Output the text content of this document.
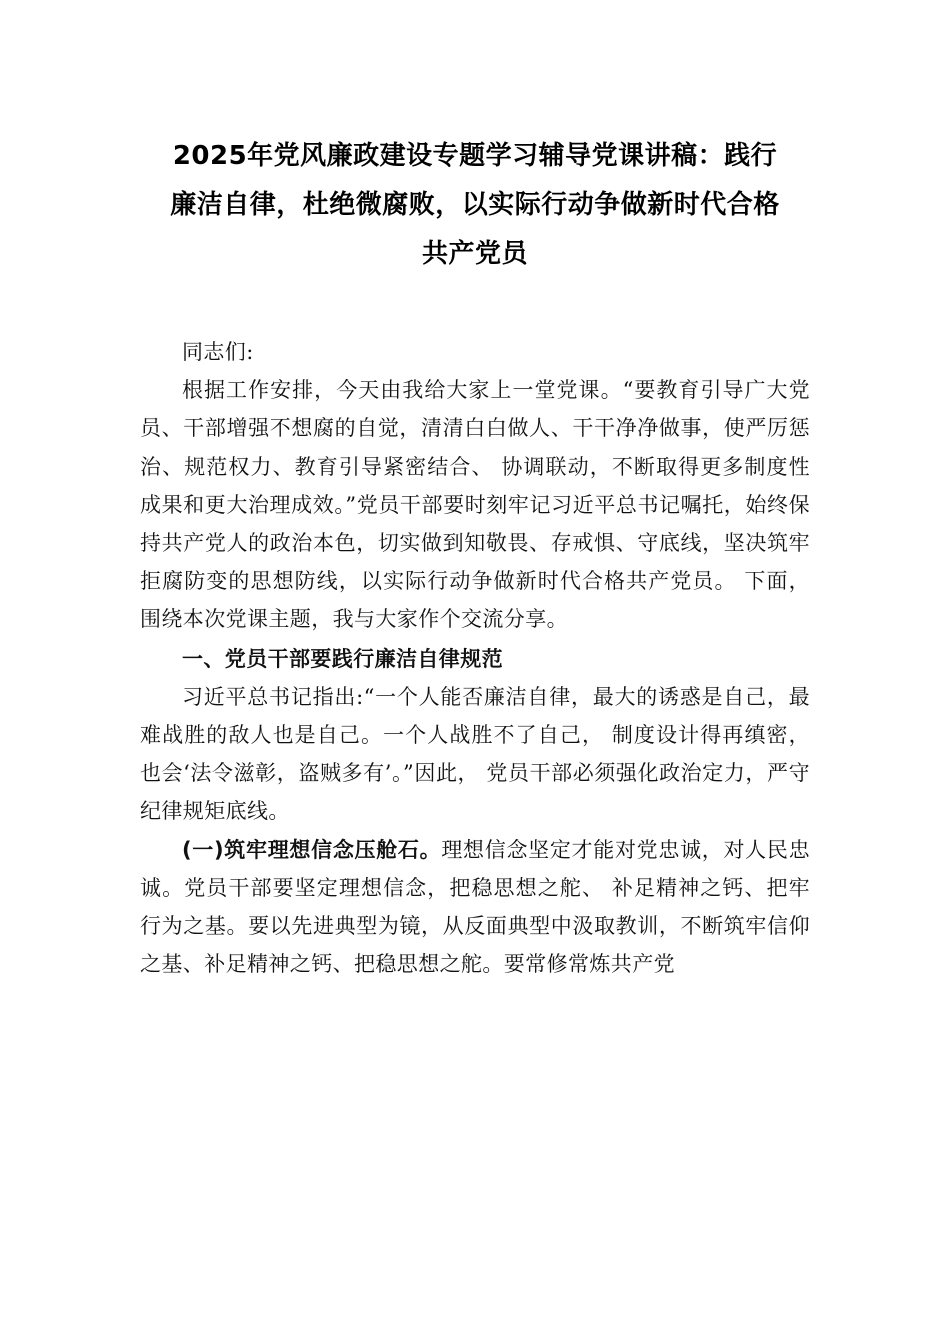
2025年党风廉政建设专题学习辅导党课讲稿：践行
廉洁自律，杜绝微腐败，以实际行动争做新时代合格
共产党员

同志们:

根据工作安排，今天由我给大家上一堂党课。“要教育引导广大党员、干部增强不想腐的自觉，清清白白做人、干干净净做事，使严厉惩治、规范权力、教育引导紧密结合、 协调联动，不断取得更多制度性成果和更大治理成效。”党员干部要时刻牢记习近平总书记嘱托，始终保持共产党人的政治本色，切实做到知敬畏、存戒惧、守底线，坚决筑牢拒腐防变的思想防线，以实际行动争做新时代合格共产党员。 下面，围绕本次党课主题，我与大家作个交流分享。

一、党员干部要践行廉洁自律规范

习近平总书记指出:“一个人能否廉洁自律，最大的诱惑是自己，最难战胜的敌人也是自己。一个人战胜不了自己， 制度设计得再缜密，也会‘法令滋彰，盗贼多有’。”因此， 党员干部必须强化政治定力，严守纪律规矩底线。

(一)筑牢理想信念压舱石。理想信念坚定才能对党忠诚，对人民忠诚。党员干部要坚定理想信念，把稳思想之舵、 补足精神之钙、把牢行为之基。要以先进典型为镜，从反面典型中汲取教训，不断筑牢信仰之基、补足精神之钙、把稳思想之舵。要常修常炼共产党
